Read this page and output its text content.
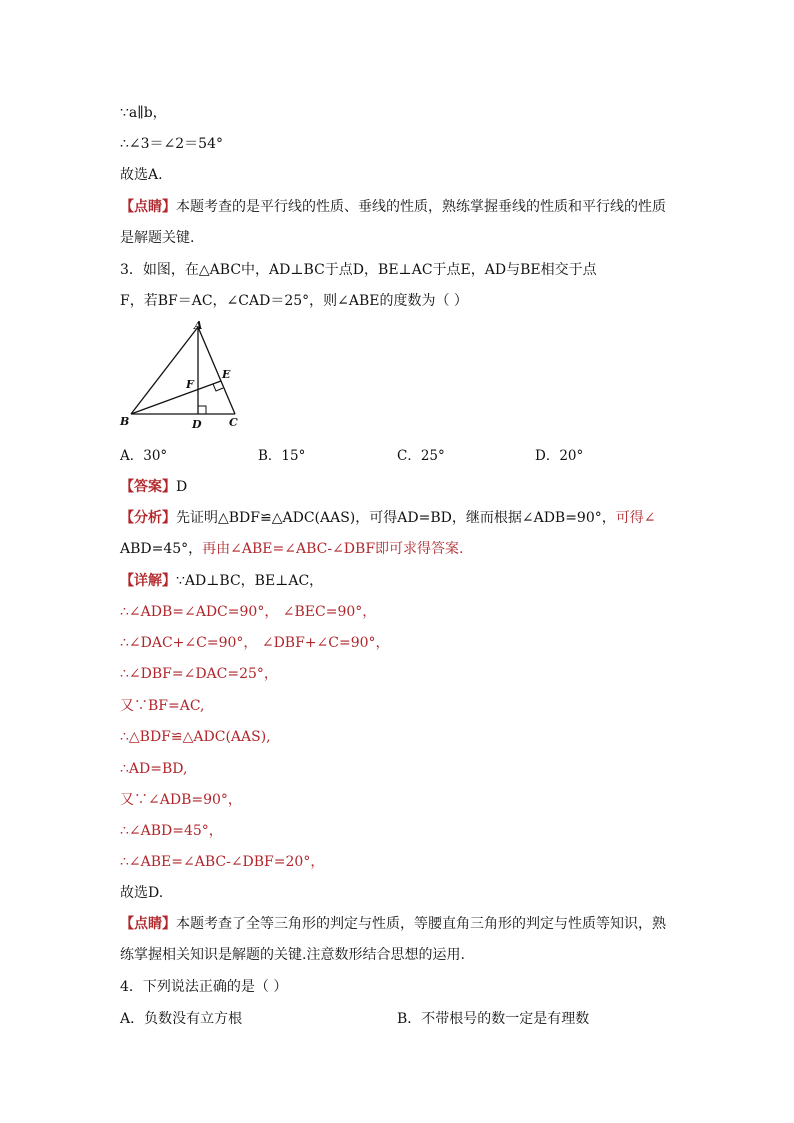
∵a∥b，
∴∠3＝∠2＝54°
故选A.
【点睛】本题考查的是平行线的性质、垂线的性质，熟练掌握垂线的性质和平行线的性质
是解题关键.
3．如图，在△ABC中，AD⊥BC于点D，BE⊥AC于点E，AD与BE相交于点
F，若BF＝AC，∠CAD＝25°，则∠ABE的度数为（ ）
A
B	C
D
E
F
A．30°	B．15°	C．25°	D．20°
【答案】D
【分析】先证明△BDF≌△ADC(AAS)，可得AD=BD，继而根据∠ADB=90°，可得∠
ABD=45°，再由∠ABE=∠ABC-∠DBF即可求得答案.
【详解】∵AD⊥BC，BE⊥AC，
∴∠ADB=∠ADC=90°， ∠BEC=90°，
∴∠DAC+∠C=90°， ∠DBF+∠C=90°，
∴∠DBF=∠DAC=25°，
又∵BF=AC,
∴△BDF≌△ADC(AAS),
∴AD=BD,
又∵∠ADB=90°，
∴∠ABD=45°，
∴∠ABE=∠ABC-∠DBF=20°，
故选D.
【点睛】本题考查了全等三角形的判定与性质，等腰直角三角形的判定与性质等知识，熟
练掌握相关知识是解题的关键.注意数形结合思想的运用.
4．下列说法正确的是（ ）
A．负数没有立方根	B．不带根号的数一定是有理数
